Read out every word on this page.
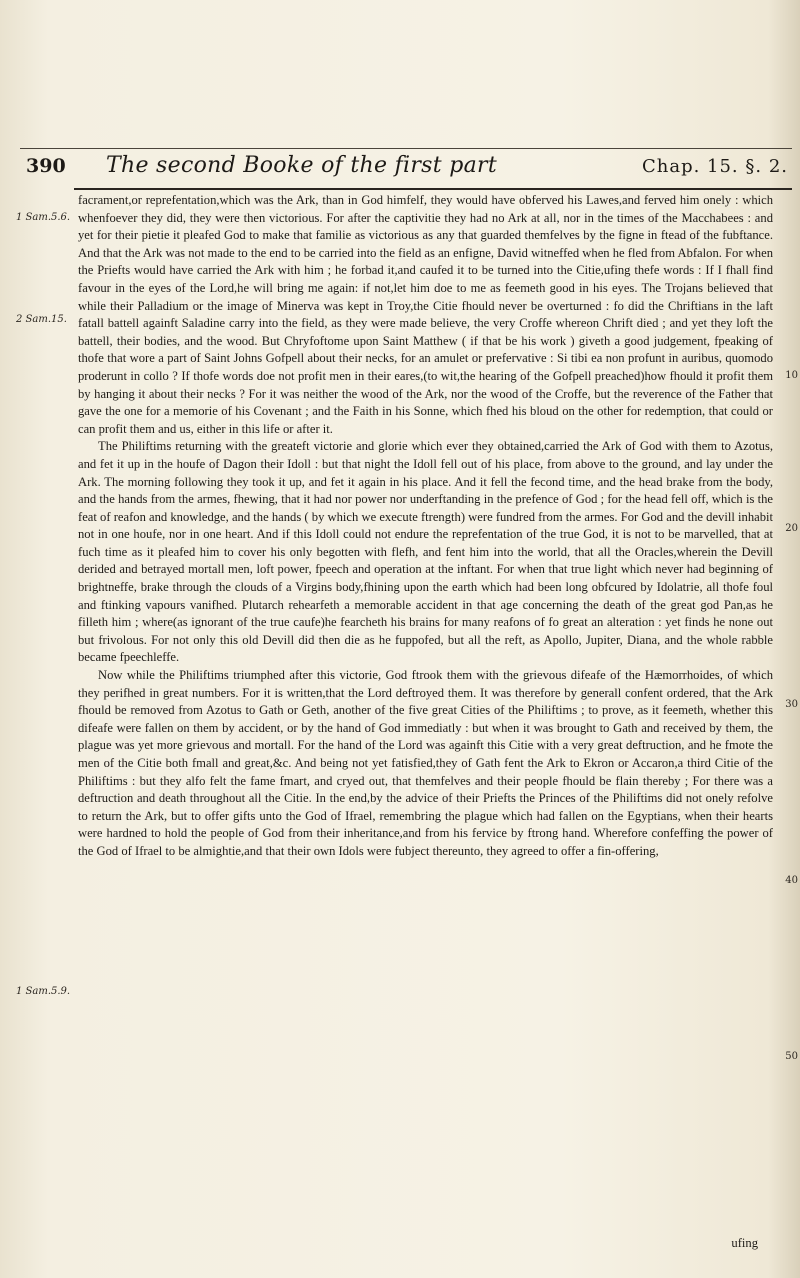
390 The second Booke of the first part	Chap. 15. §. 2.
1 Sam.5.6.
2 Sam.15.
1 Sam.5.9.
10
20
30
40
50

facrament,or reprefentation,which was the Ark, than in God himfelf, they would have obferved his Lawes,and ferved him onely : which whenfoever they did, they were then victorious. For after the captivitie they had no Ark at all, nor in the times of the Macchabees : and yet for their pietie it pleafed God to make that familie as victorious as any that guarded themfelves by the figne in ftead of the fubftance. And that the Ark was not made to the end to be carried into the field as an enfigne, David witneffed when he fled from Abfalon. For when the Priefts would have carried the Ark with him ; he forbad it,and caufed it to be turned into the Citie,ufing thefe words : If I fhall find favour in the eyes of the Lord,he will bring me again: if not,let him doe to me as feemeth good in his eyes. The Trojans believed that while their Palladium or the image of Minerva was kept in Troy,the Citie fhould never be overturned : fo did the Chriftians in the laft fatall battell againft Saladine carry into the field, as they were made believe, the very Croffe whereon Chrift died ; and yet they loft the battell, their bodies, and the wood. But Chryfoftome upon Saint Matthew ( if that be his work ) giveth a good judgement, fpeaking of thofe that wore a part of Saint Johns Gofpell about their necks, for an amulet or prefervative : Si tibi ea non profunt in auribus, quomodo proderunt in collo ? If thofe words doe not profit men in their eares,(to wit,the hearing of the Gofpell preached)how fhould it profit them by hanging it about their necks ? For it was neither the wood of the Ark, nor the wood of the Croffe, but the reverence of the Father that gave the one for a memorie of his Covenant ; and the Faith in his Sonne, which fhed his bloud on the other for redemption, that could or can profit them and us, either in this life or after it.

The Philiftims returning with the greateft victorie and glorie which ever they obtained,carried the Ark of God with them to Azotus, and fet it up in the houfe of Dagon their Idoll : but that night the Idoll fell out of his place, from above to the ground, and lay under the Ark. The morning following they took it up, and fet it again in his place. And it fell the fecond time, and the head brake from the body, and the hands from the armes, fhewing, that it had nor power nor underftanding in the prefence of God ; for the head fell off, which is the feat of reafon and knowledge, and the hands ( by which we execute ftrength) were fundred from the armes. For God and the devill inhabit not in one houfe, nor in one heart. And if this Idoll could not endure the reprefentation of the true God, it is not to be marvelled, that at fuch time as it pleafed him to cover his only begotten with flefh, and fent him into the world, that all the Oracles,wherein the Devill derided and betrayed mortall men, loft power, fpeech and operation at the inftant. For when that true light which never had beginning of brightneffe, brake through the clouds of a Virgins body,fhining upon the earth which had been long obfcured by Idolatrie, all thofe foul and ftinking vapours vanifhed. Plutarch rehearfeth a memorable accident in that age concerning the death of the great god Pan,as he filleth him ; where(as ignorant of the true caufe)he fearcheth his brains for many reafons of fo great an alteration : yet finds he none out but frivolous. For not only this old Devill did then die as he fuppofed, but all the reft, as Apollo, Jupiter, Diana, and the whole rabble became fpeechleffe.

Now while the Philiftims triumphed after this victorie, God ftrook them with the grievous difeafe of the Hæmorrhoides, of which they perifhed in great numbers. For it is written,that the Lord deftroyed them. It was therefore by generall confent ordered, that the Ark fhould be removed from Azotus to Gath or Geth, another of the five great Cities of the Philiftims ; to prove, as it feemeth, whether this difeafe were fallen on them by accident, or by the hand of God immediatly : but when it was brought to Gath and received by them, the plague was yet more grievous and mortall. For the hand of the Lord was againft this Citie with a very great deftruction, and he fmote the men of the Citie both fmall and great,&c. And being not yet fatisfied,they of Gath fent the Ark to Ekron or Accaron,a third Citie of the Philiftims : but they alfo felt the fame fmart, and cryed out, that themfelves and their people fhould be flain thereby ; For there was a deftruction and death throughout all the Citie. In the end,by the advice of their Priefts the Princes of the Philiftims did not onely refolve to return the Ark, but to offer gifts unto the God of Ifrael, remembring the plague which had fallen on the Egyptians, when their hearts were hardned to hold the people of God from their inheritance,and from his fervice by ftrong hand. Wherefore confeffing the power of the God of Ifrael to be almightie,and that their own Idols were fubject thereunto, they agreed to offer a fin-offering,

ufing
